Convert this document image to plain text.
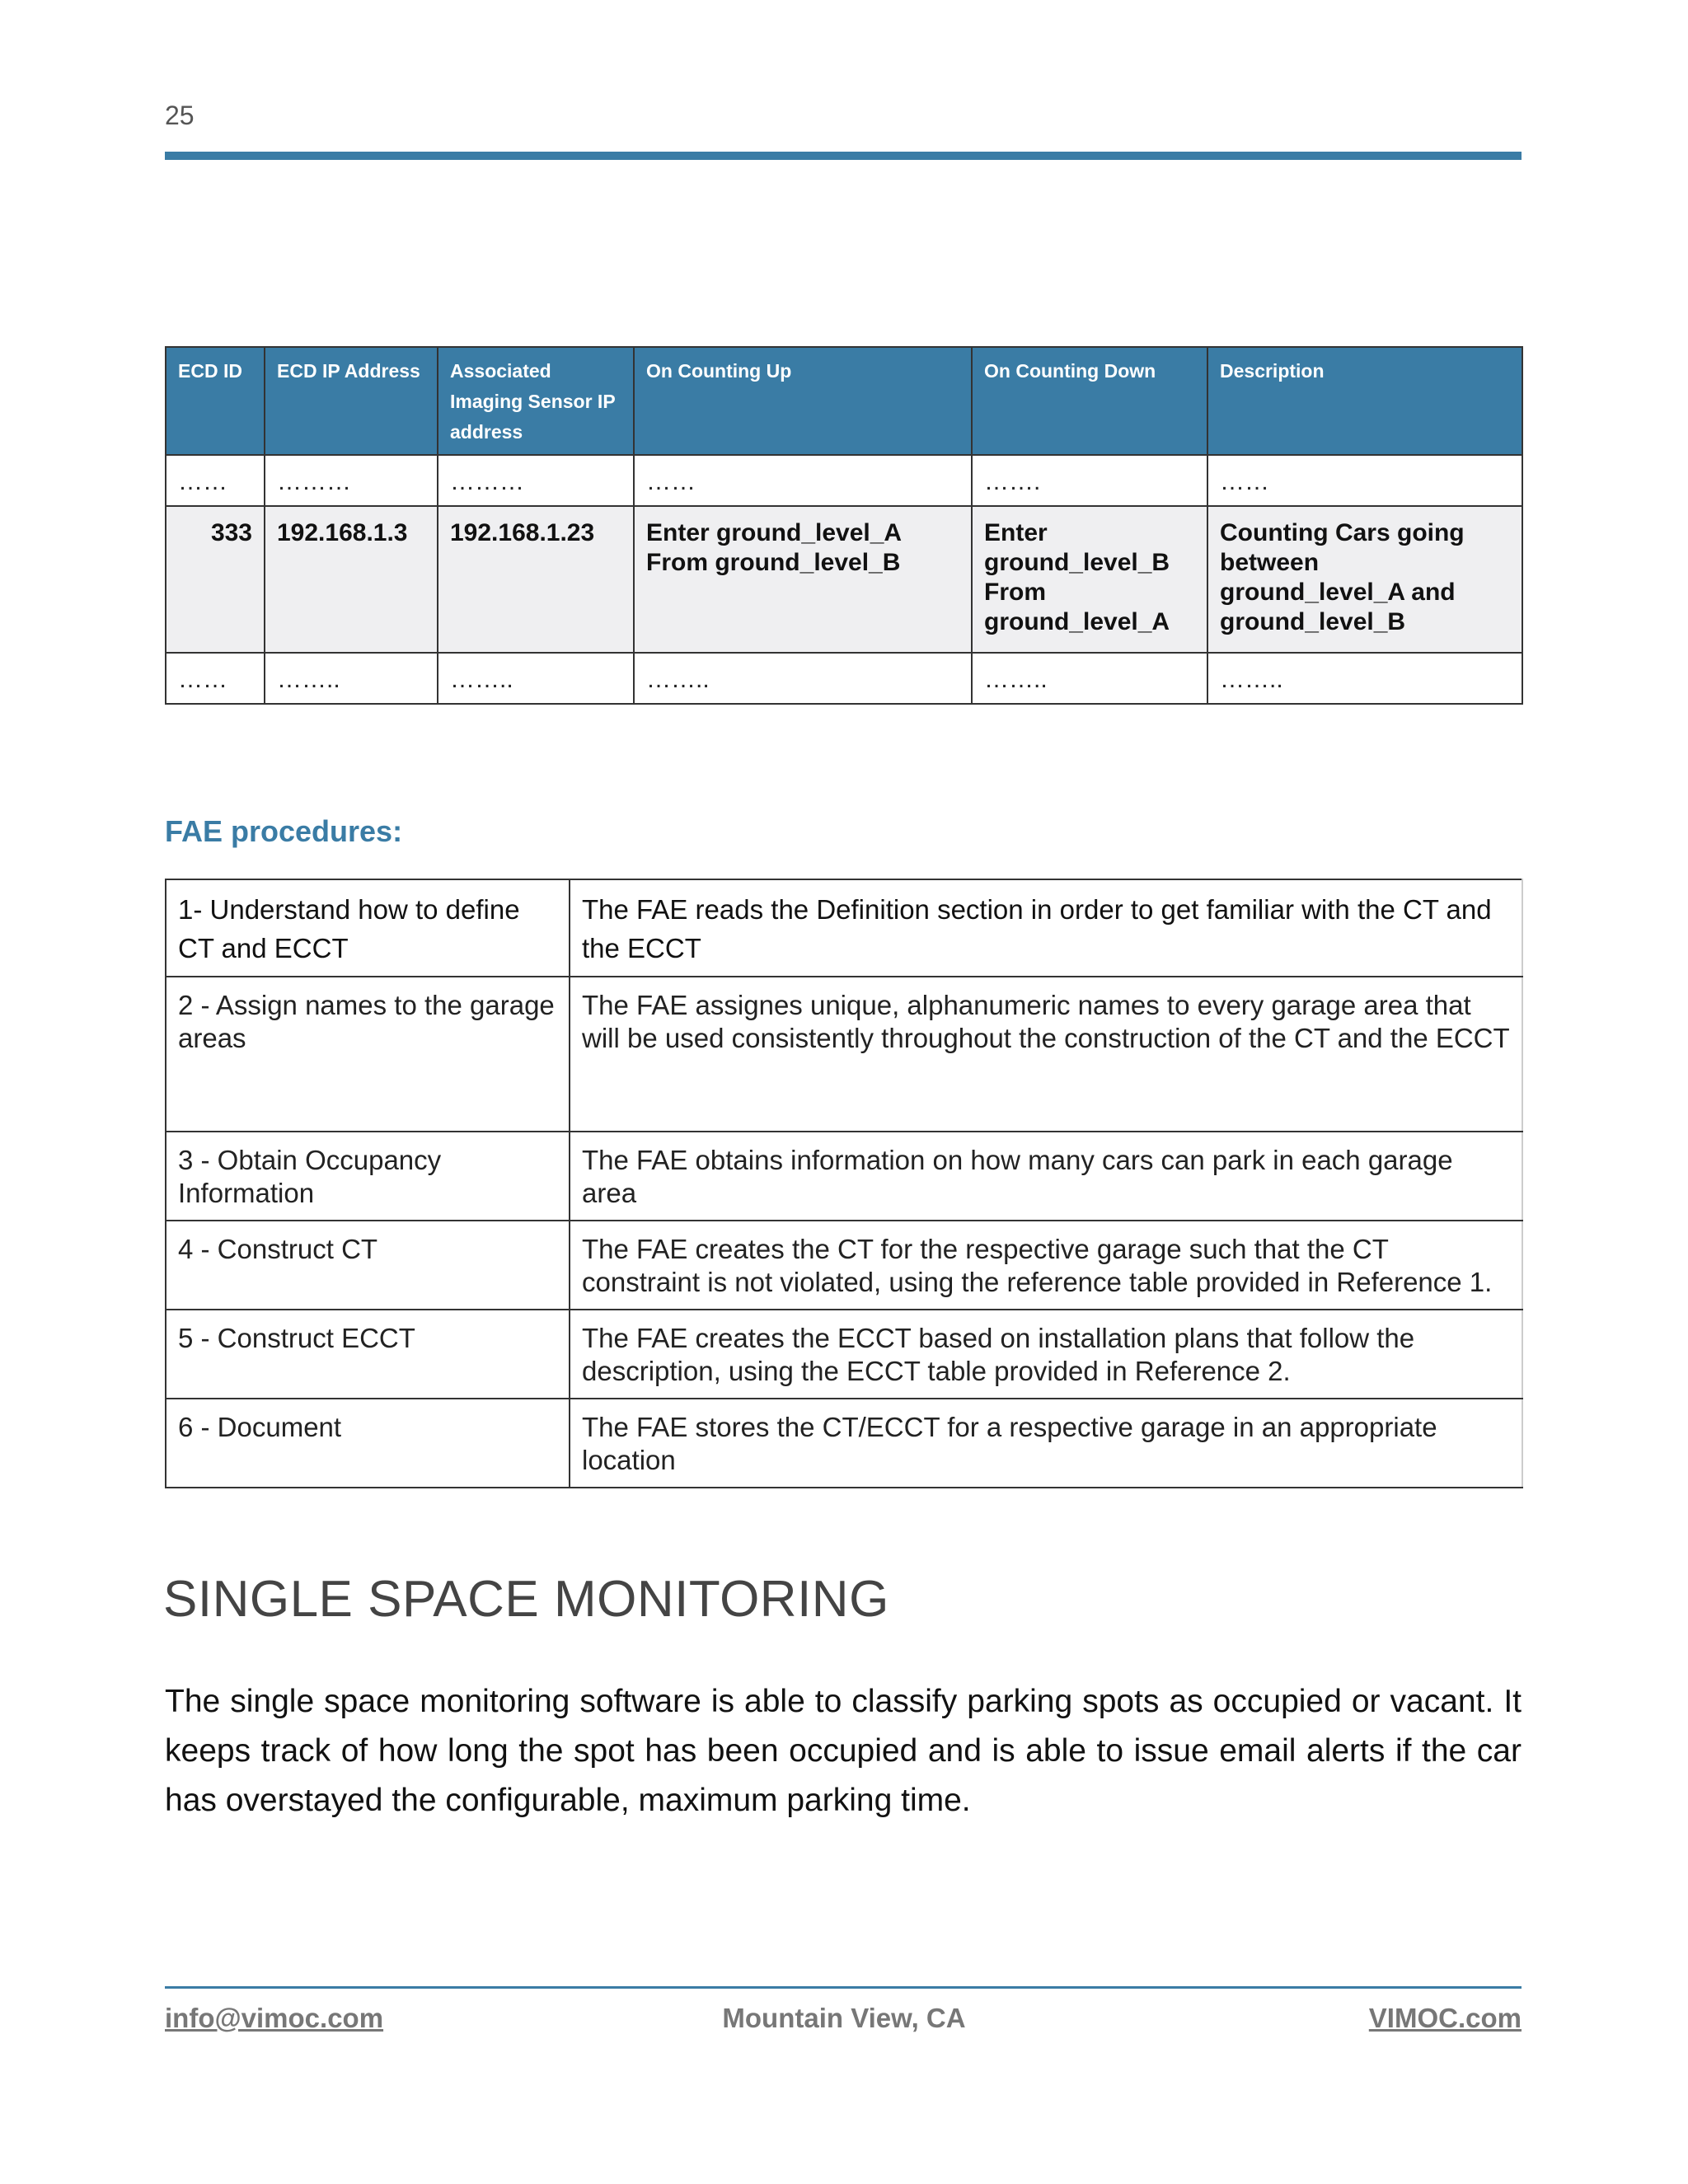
25
ECD ID	ECD IP Address	Associated Imaging Sensor IP address	On Counting Up	On Counting Down	Description
……	………	………	……	…….	……
333	192.168.1.3	192.168.1.23	Enter ground_level_A From ground_level_B	Enter ground_level_B From ground_level_A	Counting Cars going between ground_level_A and ground_level_B
……	……..	……..	……..	……..	……..
FAE procedures:
1- Understand how to define CT and ECCT	The FAE reads the Definition section in order to get familiar with the CT and the ECCT
2 - Assign names to the garage areas	The FAE assignes unique, alphanumeric names to every garage area that will be used consistently throughout the construction of the CT and the ECCT
3 - Obtain Occupancy Information	The FAE obtains information on how many cars can park in each garage area
4 - Construct CT	The FAE creates the CT for the respective garage such that the CT constraint is not violated, using the reference table provided in Reference 1.
5 - Construct ECCT	The FAE creates the ECCT based on installation plans that follow the description, using the ECCT table provided in Reference 2.
6 - Document	The FAE stores the CT/ECCT for a respective garage in an appropriate location
SINGLE SPACE MONITORING
The single space monitoring software is able to classify parking spots as occupied or vacant. It keeps track of how long the spot has been occupied and is able to issue email alerts if the car has overstayed the configurable, maximum parking time.
info@vimoc.com	Mountain View, CA	VIMOC.com
